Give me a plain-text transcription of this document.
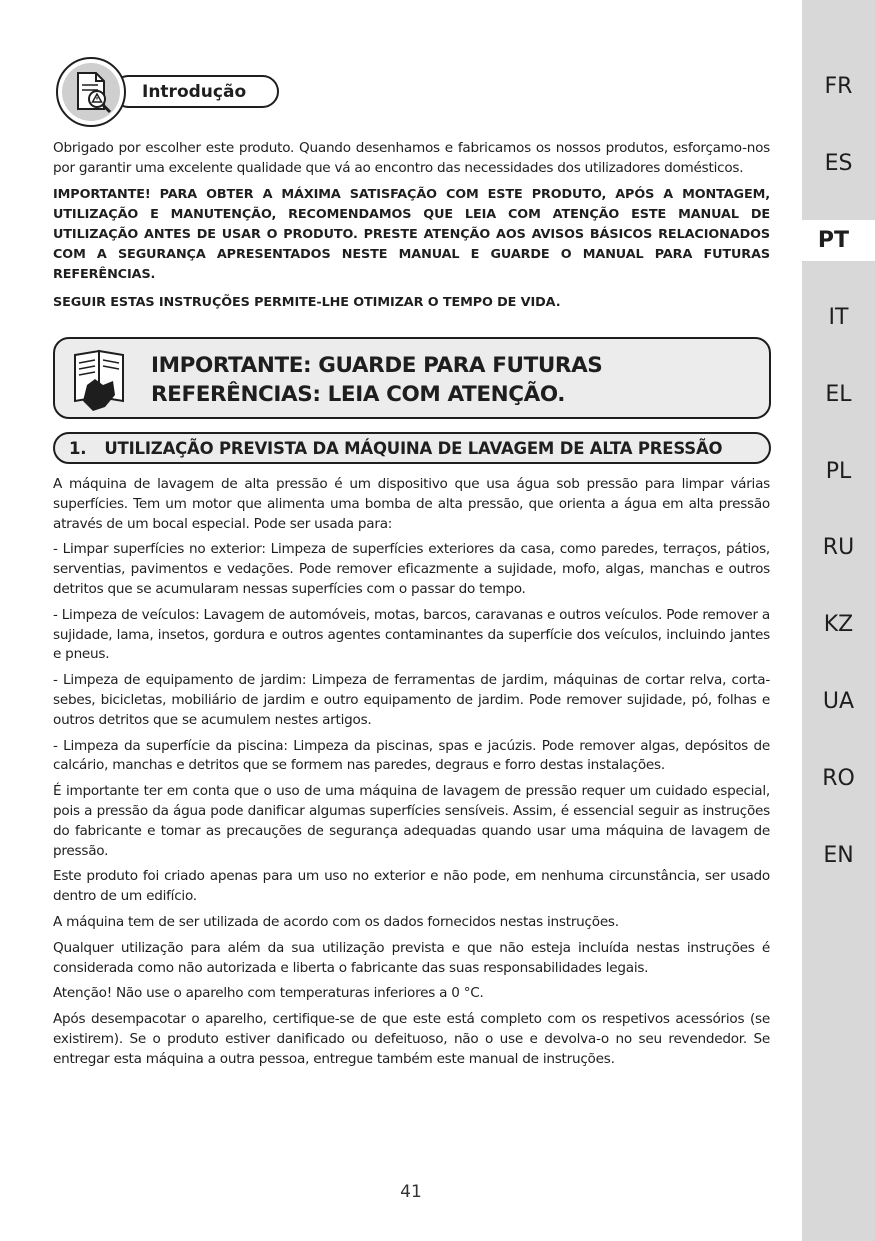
FR
ES
PT
IT
EL
PL
RU
KZ
UA
RO
EN
Introdução

Obrigado por escolher este produto. Quando desenhamos e fabricamos os nossos produtos, esforçamo-nos por garantir uma excelente qualidade que vá ao encontro das necessidades dos utilizadores domésticos.

IMPORTANTE! PARA OBTER A MÁXIMA SATISFAÇÃO COM ESTE PRODUTO, APÓS A MONTAGEM, UTILIZAÇÃO E MANUTENÇÃO, RECOMENDAMOS QUE LEIA COM ATENÇÃO ESTE MANUAL DE UTILIZAÇÃO ANTES DE USAR O PRODUTO. PRESTE ATENÇÃO AOS AVISOS BÁSICOS RELACIONADOS COM A SEGURANÇA APRESENTADOS NESTE MANUAL E GUARDE O MANUAL PARA FUTURAS REFERÊNCIAS.

SEGUIR ESTAS INSTRUÇÕES PERMITE-LHE OTIMIZAR O TEMPO DE VIDA.

IMPORTANTE: GUARDE PARA FUTURAS
REFERÊNCIAS: LEIA COM ATENÇÃO.
1. UTILIZAÇÃO PREVISTA DA MÁQUINA DE LAVAGEM DE ALTA PRESSÃO

A máquina de lavagem de alta pressão é um dispositivo que usa água sob pressão para limpar várias superfícies. Tem um motor que alimenta uma bomba de alta pressão, que orienta a água em alta pressão através de um bocal especial. Pode ser usada para:

- Limpar superfícies no exterior: Limpeza de superfícies exteriores da casa, como paredes, terraços, pátios, serventias, pavimentos e vedações. Pode remover eficazmente a sujidade, mofo, algas, manchas e outros detritos que se acumularam nessas superfícies com o passar do tempo.

- Limpeza de veículos: Lavagem de automóveis, motas, barcos, caravanas e outros veículos. Pode remover a sujidade, lama, insetos, gordura e outros agentes contaminantes da superfície dos veículos, incluindo jantes e pneus.

- Limpeza de equipamento de jardim: Limpeza de ferramentas de jardim, máquinas de cortar relva, corta-sebes, bicicletas, mobiliário de jardim e outro equipamento de jardim. Pode remover sujidade, pó, folhas e outros detritos que se acumulem nestes artigos.

- Limpeza da superfície da piscina: Limpeza da piscinas, spas e jacúzis. Pode remover algas, depósitos de calcário, manchas e detritos que se formem nas paredes, degraus e forro destas instalações.

É importante ter em conta que o uso de uma máquina de lavagem de pressão requer um cuidado especial, pois a pressão da água pode danificar algumas superfícies sensíveis. Assim, é essencial seguir as instruções do fabricante e tomar as precauções de segurança adequadas quando usar uma máquina de lavagem de pressão.

Este produto foi criado apenas para um uso no exterior e não pode, em nenhuma circunstância, ser usado dentro de um edifício.

A máquina tem de ser utilizada de acordo com os dados fornecidos nestas instruções.

Qualquer utilização para além da sua utilização prevista e que não esteja incluída nestas instruções é considerada como não autorizada e liberta o fabricante das suas responsabilidades legais.

Atenção! Não use o aparelho com temperaturas inferiores a 0 °C.

Após desempacotar o aparelho, certifique-se de que este está completo com os respetivos acessórios (se existirem). Se o produto estiver danificado ou defeituoso, não o use e devolva-o no seu revendedor. Se entregar esta máquina a outra pessoa, entregue também este manual de instruções.

41
